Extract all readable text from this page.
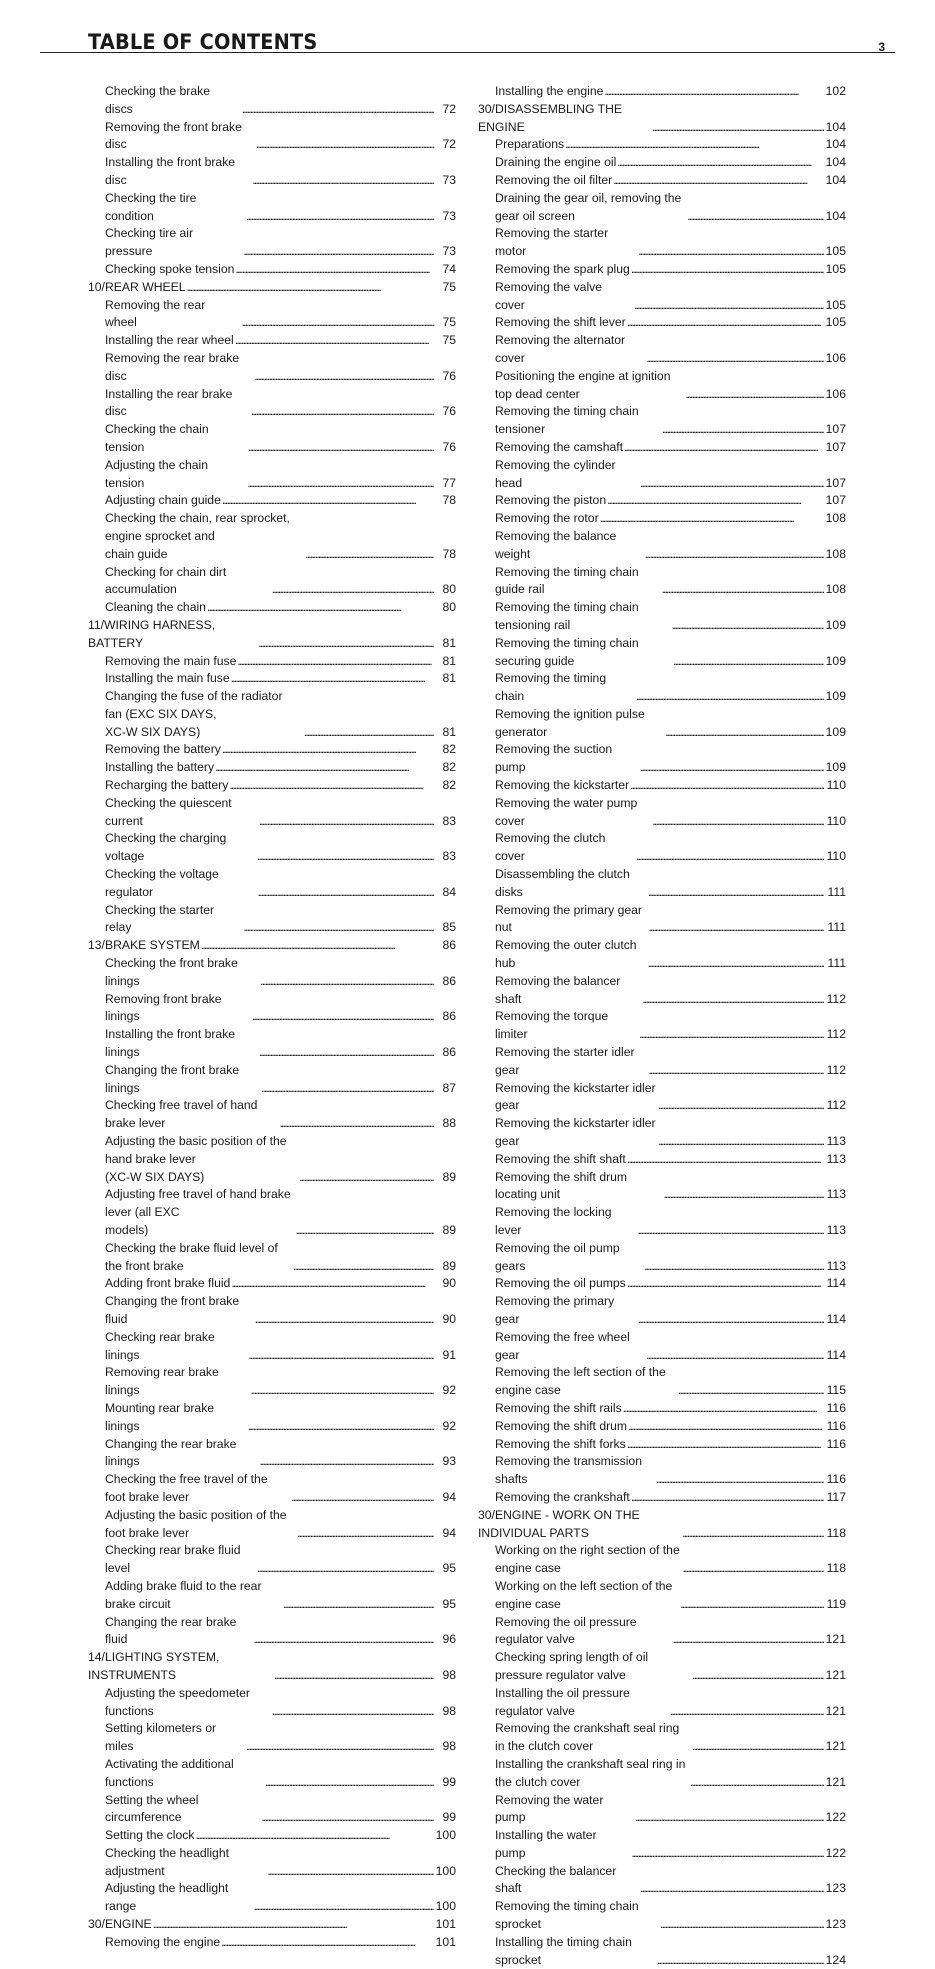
TABLE OF CONTENTS	3
Checking the brake discs . . .	72
Removing the front brake disc . . .	72
Installing the front brake disc . . .	73
Checking the tire condition . . .	73
Checking tire air pressure . . .	73
Checking spoke tension . . .	74
10/REAR WHEEL . . .	75
Removing the rear wheel . . .	75
Installing the rear wheel . . .	75
Removing the rear brake disc . . .	76
Installing the rear brake disc . . .	76
Checking the chain tension . . .	76
Adjusting the chain tension . . .	77
Adjusting chain guide . . .	78
Checking the chain, rear sprocket, engine sprocket and
chain guide . . .	78
Checking for chain dirt accumulation . . .	80
Cleaning the chain . . .	80
11/WIRING HARNESS, BATTERY . . .	81
Removing the main fuse . . .	81
Installing the main fuse . . .	81
Changing the fuse of the radiator fan (EXC SIX DAYS,
XC-W SIX DAYS) . . .	81
Removing the battery . . .	82
Installing the battery . . .	82
Recharging the battery . . .	82
Checking the quiescent current . . .	83
Checking the charging voltage . . .	83
Checking the voltage regulator . . .	84
Checking the starter relay . . .	85
13/BRAKE SYSTEM . . .	86
Checking the front brake linings . . .	86
Removing front brake linings . . .	86
Installing the front brake linings . . .	86
Changing the front brake linings . . .	87
Checking free travel of hand brake lever . . .	88
Adjusting the basic position of the hand brake lever
(XC-W SIX DAYS) . . .	89
Adjusting free travel of hand brake lever (all EXC
models) . . .	89
Checking the brake fluid level of the front brake . . .	89
Adding front brake fluid . . .	90
Changing the front brake fluid . . .	90
Checking rear brake linings . . .	91
Removing rear brake linings . . .	92
Mounting rear brake linings . . .	92
Changing the rear brake linings . . .	93
Checking the free travel of the foot brake lever . . .	94
Adjusting the basic position of the foot brake lever . . .	94
Checking rear brake fluid level . . .	95
Adding brake fluid to the rear brake circuit . . .	95
Changing the rear brake fluid . . .	96
14/LIGHTING SYSTEM, INSTRUMENTS . . .	98
Adjusting the speedometer functions . . .	98
Setting kilometers or miles . . .	98
Activating the additional functions . . .	99
Setting the wheel circumference . . .	99
Setting the clock . . .	100
Checking the headlight adjustment . . .	100
Adjusting the headlight range . . .	100
30/ENGINE . . .	101
Removing the engine . . .	101
Installing the engine . . .	102
30/DISASSEMBLING THE ENGINE . . .	104
Preparations . . .	104
Draining the engine oil . . .	104
Removing the oil filter . . .	104
Draining the gear oil, removing the gear oil screen . . .	104
Removing the starter motor . . .	105
Removing the spark plug . . .	105
Removing the valve cover . . .	105
Removing the shift lever . . .	105
Removing the alternator cover . . .	106
Positioning the engine at ignition top dead center . . .	106
Removing the timing chain tensioner . . .	107
Removing the camshaft . . .	107
Removing the cylinder head . . .	107
Removing the piston . . .	107
Removing the rotor . . .	108
Removing the balance weight . . .	108
Removing the timing chain guide rail . . .	108
Removing the timing chain tensioning rail . . .	109
Removing the timing chain securing guide . . .	109
Removing the timing chain . . .	109
Removing the ignition pulse generator . . .	109
Removing the suction pump . . .	109
Removing the kickstarter . . .	110
Removing the water pump cover . . .	110
Removing the clutch cover . . .	110
Disassembling the clutch disks . . .	111
Removing the primary gear nut . . .	111
Removing the outer clutch hub . . .	111
Removing the balancer shaft . . .	112
Removing the torque limiter . . .	112
Removing the starter idler gear . . .	112
Removing the kickstarter idler gear . . .	112
Removing the kickstarter idler gear . . .	113
Removing the shift shaft . . .	113
Removing the shift drum locating unit . . .	113
Removing the locking lever . . .	113
Removing the oil pump gears . . .	113
Removing the oil pumps . . .	114
Removing the primary gear . . .	114
Removing the free wheel gear . . .	114
Removing the left section of the engine case . . .	115
Removing the shift rails . . .	116
Removing the shift drum . . .	116
Removing the shift forks . . .	116
Removing the transmission shafts . . .	116
Removing the crankshaft . . .	117
30/ENGINE - WORK ON THE INDIVIDUAL PARTS . . .	118
Working on the right section of the engine case . . .	118
Working on the left section of the engine case . . .	119
Removing the oil pressure regulator valve . . .	121
Checking spring length of oil pressure regulator valve . . .	121
Installing the oil pressure regulator valve . . .	121
Removing the crankshaft seal ring in the clutch cover . . .	121
Installing the crankshaft seal ring in the clutch cover . . .	121
Removing the water pump . . .	122
Installing the water pump . . .	122
Checking the balancer shaft . . .	123
Removing the timing chain sprocket . . .	123
Installing the timing chain sprocket . . .	124
